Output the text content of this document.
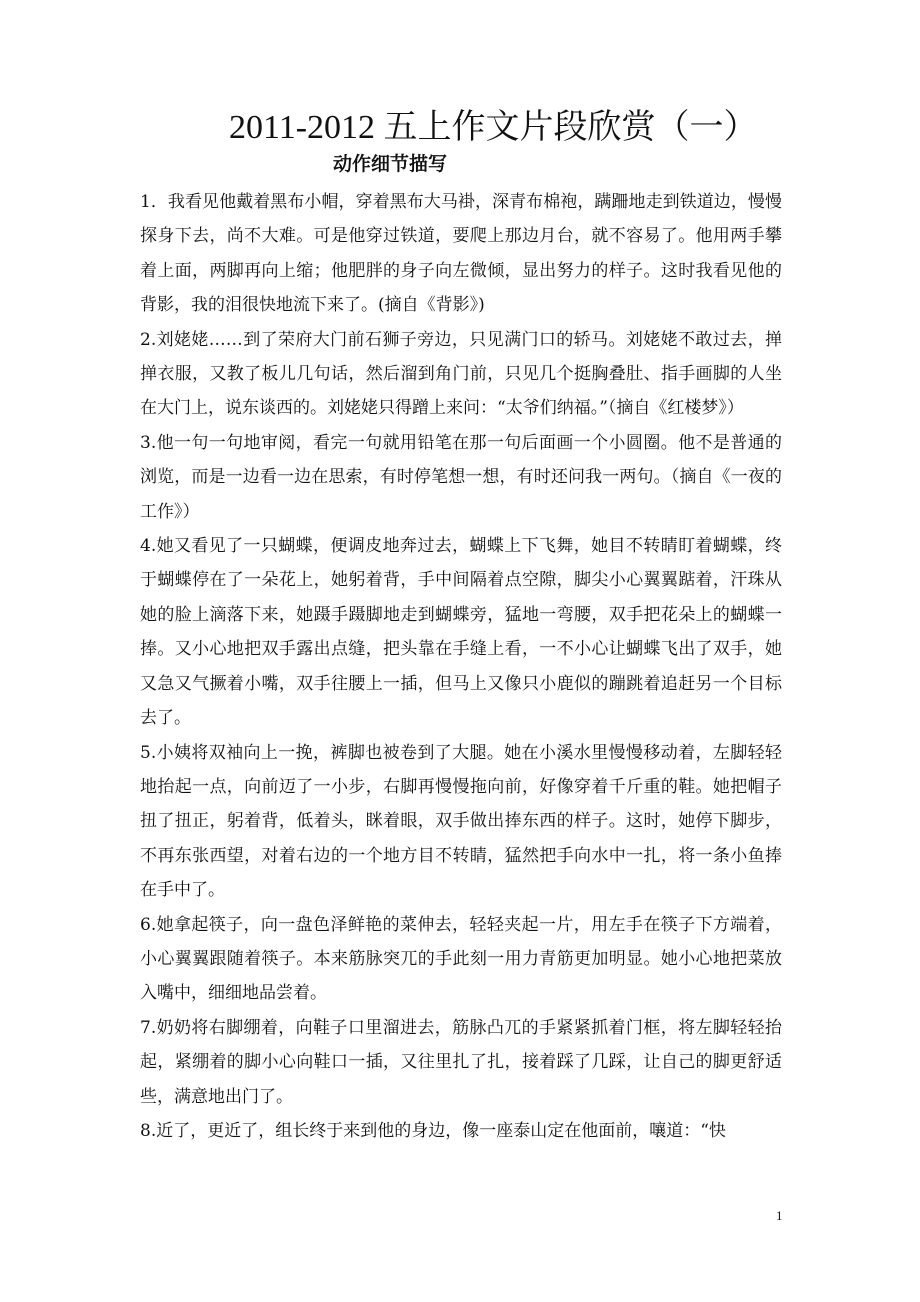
2011-2012 五上作文片段欣赏（一）
动作细节描写

1．我看见他戴着黑布小帽，穿着黑布大马褂，深青布棉袍，蹒跚地走到铁道边，慢慢探身下去，尚不大难。可是他穿过铁道，要爬上那边月台，就不容易了。他用两手攀着上面，两脚再向上缩；他肥胖的身子向左微倾，显出努力的样子。这时我看见他的背影，我的泪很快地流下来了。(摘自《背影》)

2.刘姥姥……到了荣府大门前石狮子旁边，只见满门口的轿马。刘姥姥不敢过去，掸掸衣服，又教了板儿几句话，然后溜到角门前，只见几个挺胸叠肚、指手画脚的人坐在大门上，说东谈西的。刘姥姥只得蹭上来问：“太爷们纳福。”（摘自《红楼梦》）

3.他一句一句地审阅，看完一句就用铅笔在那一句后面画一个小圆圈。他不是普通的浏览，而是一边看一边在思索，有时停笔想一想，有时还问我一两句。（摘自《一夜的工作》）

4.她又看见了一只蝴蝶，便调皮地奔过去，蝴蝶上下飞舞，她目不转睛盯着蝴蝶，终于蝴蝶停在了一朵花上，她躬着背，手中间隔着点空隙，脚尖小心翼翼踮着，汗珠从她的脸上滴落下来，她蹑手蹑脚地走到蝴蝶旁，猛地一弯腰，双手把花朵上的蝴蝶一捧。又小心地把双手露出点缝，把头靠在手缝上看，一不小心让蝴蝶飞出了双手，她又急又气撅着小嘴，双手往腰上一插，但马上又像只小鹿似的蹦跳着追赶另一个目标去了。

5.小姨将双袖向上一挽，裤脚也被卷到了大腿。她在小溪水里慢慢移动着，左脚轻轻地抬起一点，向前迈了一小步，右脚再慢慢拖向前，好像穿着千斤重的鞋。她把帽子扭了扭正，躬着背，低着头，眯着眼，双手做出捧东西的样子。这时，她停下脚步，不再东张西望，对着右边的一个地方目不转睛，猛然把手向水中一扎，将一条小鱼捧在手中了。

6.她拿起筷子，向一盘色泽鲜艳的菜伸去，轻轻夹起一片，用左手在筷子下方端着，小心翼翼跟随着筷子。本来筋脉突兀的手此刻一用力青筋更加明显。她小心地把菜放入嘴中，细细地品尝着。

7.奶奶将右脚绷着，向鞋子口里溜进去，筋脉凸兀的手紧紧抓着门框，将左脚轻轻抬起，紧绷着的脚小心向鞋口一插，又往里扎了扎，接着踩了几踩，让自己的脚更舒适些，满意地出门了。

8.近了，更近了，组长终于来到他的身边，像一座泰山定在他面前，嚷道：“快

1
